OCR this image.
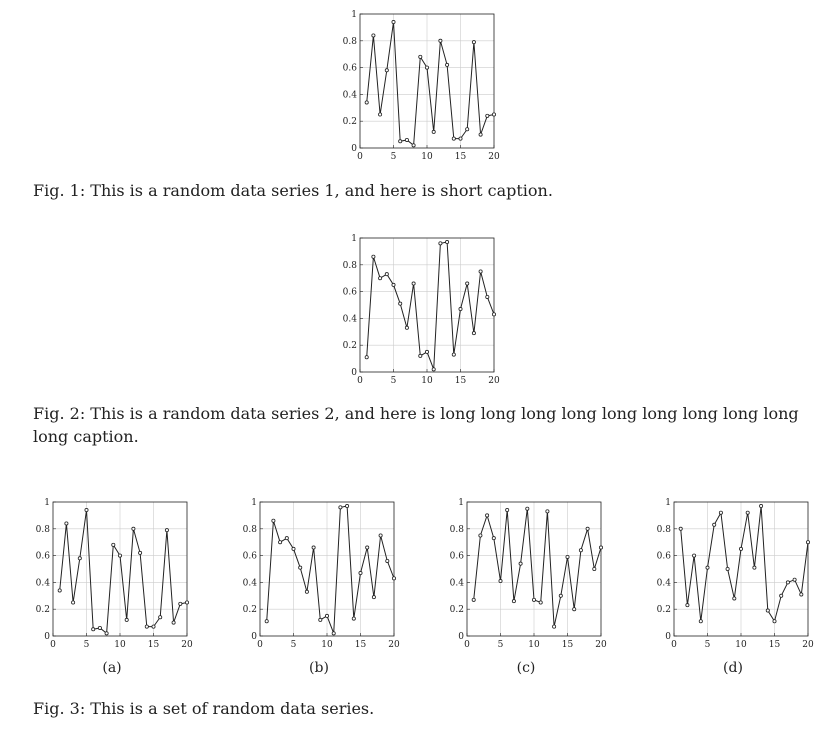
0	5	10 15 20
0
0.2
0.4
0.6
0.8
1

Fig. 1: This is a random data series 1, and here is short caption.

0	5	10 15 20
0
0.2
0.4
0.6
0.8
1

Fig. 2: This is a random data series 2, and here is long long long long long long long long long long caption.

0	5	10 15 20
0
0.2
0.4
0.6
0.8
1
(a)
0	5	10 15 20
0
0.2
0.4
0.6
0.8
1
(b)
0	5	10 15 20
0
0.2
0.4
0.6
0.8
1
(c)
0	5	10 15 20
0
0.2
0.4
0.6
0.8
1
(d)

Fig. 3: This is a set of random data series.
